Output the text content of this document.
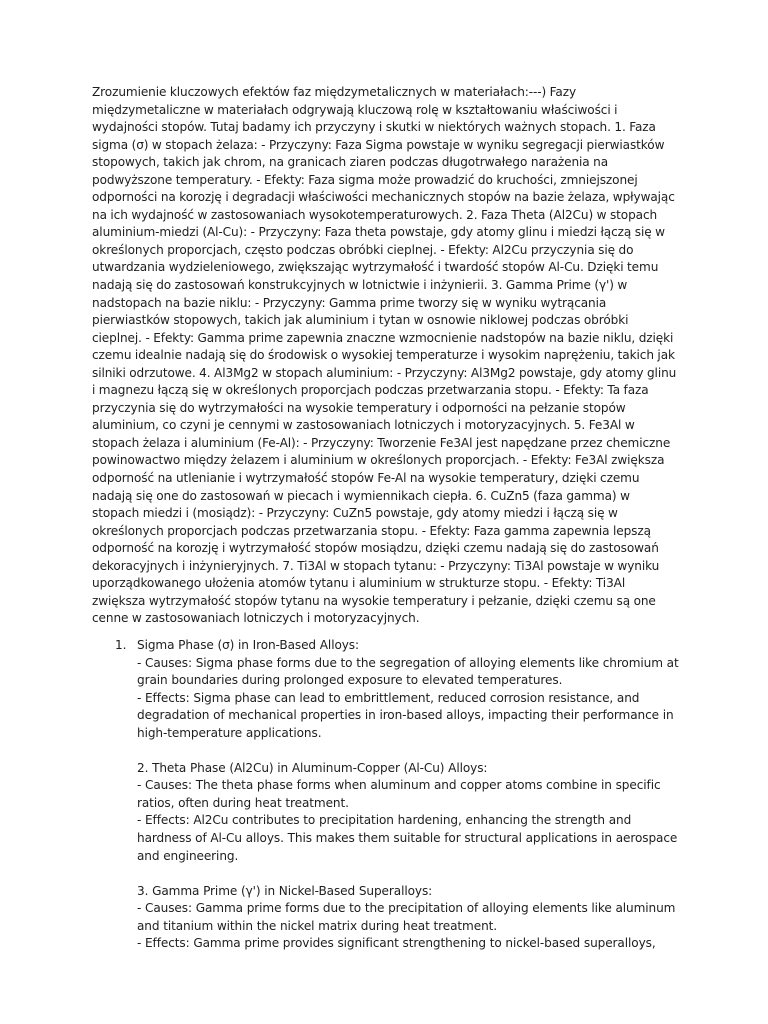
Zrozumienie kluczowych efektów faz międzymetalicznych w materiałach:---) Fazy międzymetaliczne w materiałach odgrywają kluczową rolę w kształtowaniu właściwości i wydajności stopów. Tutaj badamy ich przyczyny i skutki w niektórych ważnych stopach. 1. Faza sigma (σ) w stopach żelaza: - Przyczyny: Faza Sigma powstaje w wyniku segregacji pierwiastków stopowych, takich jak chrom, na granicach ziaren podczas długotrwałego narażenia na podwyższone temperatury. - Efekty: Faza sigma może prowadzić do kruchości, zmniejszonej odporności na korozję i degradacji właściwości mechanicznych stopów na bazie żelaza, wpływając na ich wydajność w zastosowaniach wysokotemperaturowych. 2. Faza Theta (Al2Cu) w stopach aluminium-miedzi (Al-Cu): - Przyczyny: Faza theta powstaje, gdy atomy glinu i miedzi łączą się w określonych proporcjach, często podczas obróbki cieplnej. - Efekty: Al2Cu przyczynia się do utwardzania wydzieleniowego, zwiększając wytrzymałość i twardość stopów Al-Cu. Dzięki temu nadają się do zastosowań konstrukcyjnych w lotnictwie i inżynierii. 3. Gamma Prime (γ') w nadstopach na bazie niklu: - Przyczyny: Gamma prime tworzy się w wyniku wytrącania pierwiastków stopowych, takich jak aluminium i tytan w osnowie niklowej podczas obróbki cieplnej. - Efekty: Gamma prime zapewnia znaczne wzmocnienie nadstopów na bazie niklu, dzięki czemu idealnie nadają się do środowisk o wysokiej temperaturze i wysokim naprężeniu, takich jak silniki odrzutowe. 4. Al3Mg2 w stopach aluminium: - Przyczyny: Al3Mg2 powstaje, gdy atomy glinu i magnezu łączą się w określonych proporcjach podczas przetwarzania stopu. - Efekty: Ta faza przyczynia się do wytrzymałości na wysokie temperatury i odporności na pełzanie stopów aluminium, co czyni je cennymi w zastosowaniach lotniczych i motoryzacyjnych. 5. Fe3Al w stopach żelaza i aluminium (Fe-Al): - Przyczyny: Tworzenie Fe3Al jest napędzane przez chemiczne powinowactwo między żelazem i aluminium w określonych proporcjach. - Efekty: Fe3Al zwiększa odporność na utlenianie i wytrzymałość stopów Fe-Al na wysokie temperatury, dzięki czemu nadają się one do zastosowań w piecach i wymiennikach ciepła. 6. CuZn5 (faza gamma) w stopach miedzi i (mosiądz): - Przyczyny: CuZn5 powstaje, gdy atomy miedzi i łączą się w określonych proporcjach podczas przetwarzania stopu. - Efekty: Faza gamma zapewnia lepszą odporność na korozję i wytrzymałość stopów mosiądzu, dzięki czemu nadają się do zastosowań dekoracyjnych i inżynieryjnych. 7. Ti3Al w stopach tytanu: - Przyczyny: Ti3Al powstaje w wyniku uporządkowanego ułożenia atomów tytanu i aluminium w strukturze stopu. - Efekty: Ti3Al zwiększa wytrzymałość stopów tytanu na wysokie temperatury i pełzanie, dzięki czemu są one cenne w zastosowaniach lotniczych i motoryzacyjnych.

1. Sigma Phase (σ) in Iron-Based Alloys:
- Causes: Sigma phase forms due to the segregation of alloying elements like chromium at grain boundaries during prolonged exposure to elevated temperatures.
- Effects: Sigma phase can lead to embrittlement, reduced corrosion resistance, and degradation of mechanical properties in iron-based alloys, impacting their performance in high-temperature applications.
2. Theta Phase (Al2Cu) in Aluminum-Copper (Al-Cu) Alloys:
- Causes: The theta phase forms when aluminum and copper atoms combine in specific ratios, often during heat treatment.
- Effects: Al2Cu contributes to precipitation hardening, enhancing the strength and hardness of Al-Cu alloys. This makes them suitable for structural applications in aerospace and engineering.
3. Gamma Prime (γ') in Nickel-Based Superalloys:
- Causes: Gamma prime forms due to the precipitation of alloying elements like aluminum and titanium within the nickel matrix during heat treatment.
- Effects: Gamma prime provides significant strengthening to nickel-based superalloys,
